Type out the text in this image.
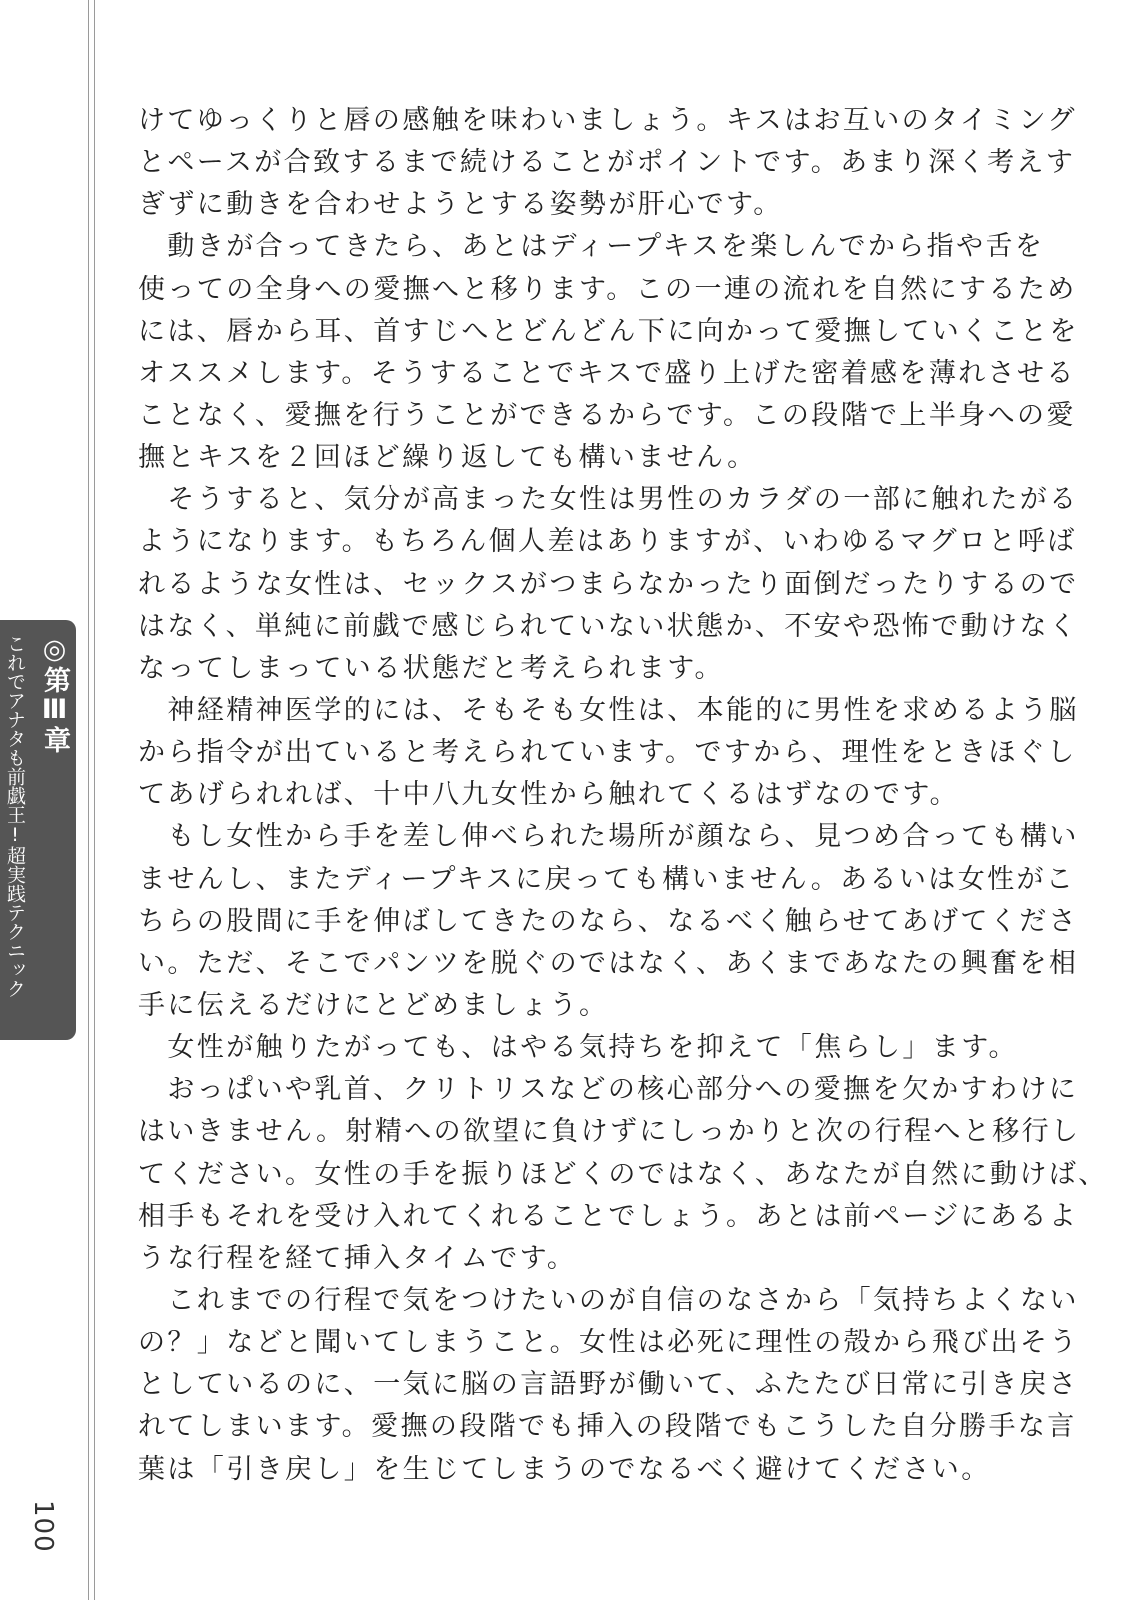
◎第Ⅲ章
これでアナタも前戯王!超実践テクニック
100
けてゆっくりと唇の感触を味わいましょう。キスはお互いのタイミング
とペースが合致するまで続けることがポイントです。あまり深く考えす
ぎずに動きを合わせようとする姿勢が肝心です。
　動きが合ってきたら、あとはディープキスを楽しんでから指や舌を
使っての全身への愛撫へと移ります。この一連の流れを自然にするため
には、唇から耳、首すじへとどんどん下に向かって愛撫していくことを
オススメします。そうすることでキスで盛り上げた密着感を薄れさせる
ことなく、愛撫を行うことができるからです。この段階で上半身への愛
撫とキスを２回ほど繰り返しても構いません。
　そうすると、気分が高まった女性は男性のカラダの一部に触れたがる
ようになります。もちろん個人差はありますが、いわゆるマグロと呼ば
れるような女性は、セックスがつまらなかったり面倒だったりするので
はなく、単純に前戯で感じられていない状態か、不安や恐怖で動けなく
なってしまっている状態だと考えられます。
　神経精神医学的には、そもそも女性は、本能的に男性を求めるよう脳
から指令が出ていると考えられています。ですから、理性をときほぐし
てあげられれば、十中八九女性から触れてくるはずなのです。
　もし女性から手を差し伸べられた場所が顔なら、見つめ合っても構い
ませんし、またディープキスに戻っても構いません。あるいは女性がこ
ちらの股間に手を伸ばしてきたのなら、なるべく触らせてあげてくださ
い。ただ、そこでパンツを脱ぐのではなく、あくまであなたの興奮を相
手に伝えるだけにとどめましょう。
　女性が触りたがっても、はやる気持ちを抑えて「焦らし」ます。
　おっぱいや乳首、クリトリスなどの核心部分への愛撫を欠かすわけに
はいきません。射精への欲望に負けずにしっかりと次の行程へと移行し
てください。女性の手を振りほどくのではなく、あなたが自然に動けば、
相手もそれを受け入れてくれることでしょう。あとは前ページにあるよ
うな行程を経て挿入タイムです。
　これまでの行程で気をつけたいのが自信のなさから「気持ちよくない
の？」などと聞いてしまうこと。女性は必死に理性の殻から飛び出そう
としているのに、一気に脳の言語野が働いて、ふたたび日常に引き戻さ
れてしまいます。愛撫の段階でも挿入の段階でもこうした自分勝手な言
葉は「引き戻し」を生じてしまうのでなるべく避けてください。
